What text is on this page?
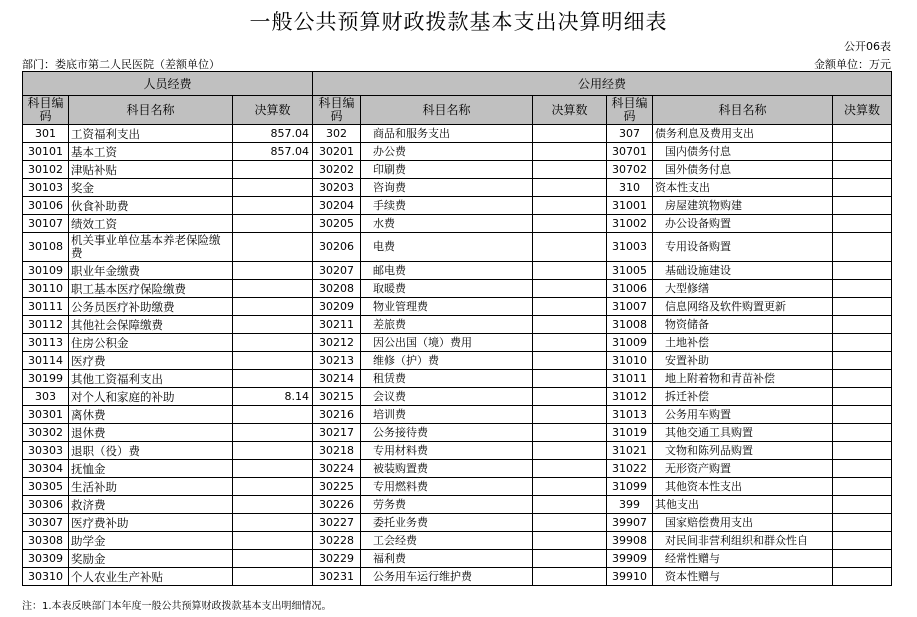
一般公共预算财政拨款基本支出决算明细表
公开06表
部门：娄底市第二人民医院（差额单位）	金额单位：万元
人员经费			公用经费					
科目编码	科目名称	决算数	科目编码	科目名称	决算数	科目编码	科目名称	决算数
301	工资福利支出	857.04	302	商品和服务支出		307	债务利息及费用支出	
30101	基本工资	857.04	30201	办公费		30701	国内债务付息	
30102	津贴补贴		30202	印刷费		30702	国外债务付息	
30103	奖金		30203	咨询费		310	资本性支出	
30106	伙食补助费		30204	手续费		31001	房屋建筑物购建	
30107	绩效工资		30205	水费		31002	办公设备购置	
30108	机关事业单位基本养老保险缴费		30206	电费		31003	专用设备购置	
30109	职业年金缴费		30207	邮电费		31005	基础设施建设	
30110	职工基本医疗保险缴费		30208	取暖费		31006	大型修缮	
30111	公务员医疗补助缴费		30209	物业管理费		31007	信息网络及软件购置更新	
30112	其他社会保障缴费		30211	差旅费		31008	物资储备	
30113	住房公积金		30212	因公出国（境）费用		31009	土地补偿	
30114	医疗费		30213	维修（护）费		31010	安置补助	
30199	其他工资福利支出		30214	租赁费		31011	地上附着物和青苗补偿	
303	对个人和家庭的补助	8.14	30215	会议费		31012	拆迁补偿	
30301	离休费		30216	培训费		31013	公务用车购置	
30302	退休费		30217	公务接待费		31019	其他交通工具购置	
30303	退职（役）费		30218	专用材料费		31021	文物和陈列品购置	
30304	抚恤金		30224	被装购置费		31022	无形资产购置	
30305	生活补助		30225	专用燃料费		31099	其他资本性支出	
30306	救济费		30226	劳务费		399	其他支出	
30307	医疗费补助		30227	委托业务费		39907	国家赔偿费用支出	
30308	助学金		30228	工会经费		39908	对民间非营利组织和群众性自	
30309	奖励金		30229	福利费		39909	经常性赠与	
30310	个人农业生产补贴		30231	公务用车运行维护费		39910	资本性赠与	
注：1.本表反映部门本年度一般公共预算财政拨款基本支出明细情况。
